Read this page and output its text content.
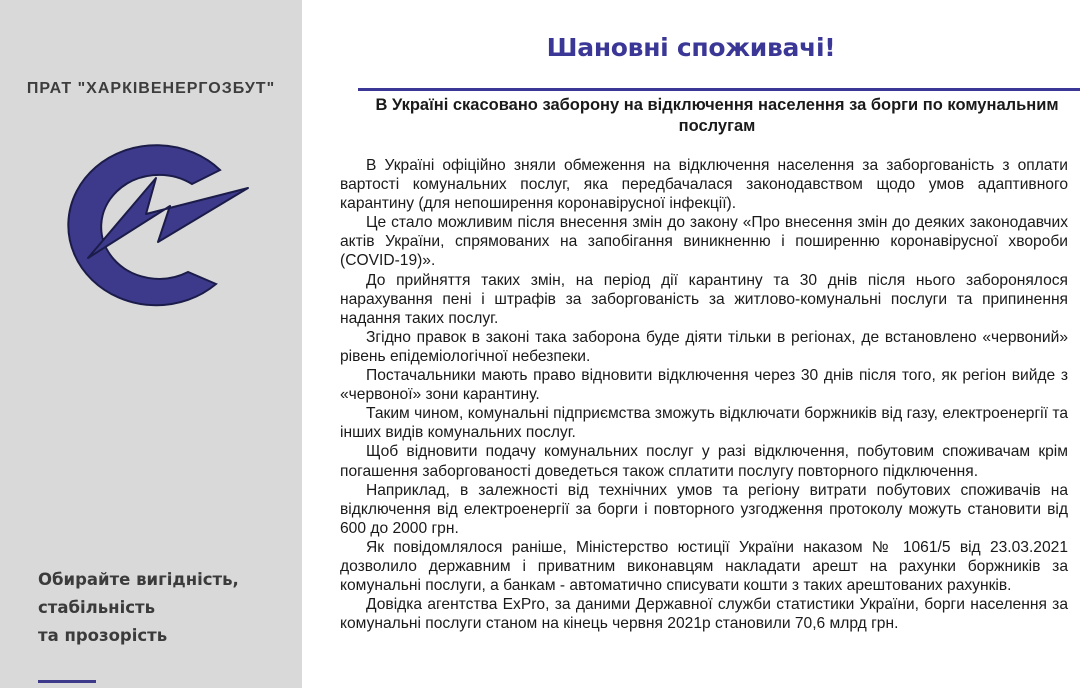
ПРАТ "ХАРКІВЕНЕРГОЗБУТ"
Обирайте вигідність,
стабільність
та прозорість
Шановні споживачі!
В Україні скасовано заборону на відключення населення за борги по комунальним послугам

В Україні офіційно зняли обмеження на відключення населення за заборгованість з оплати вартості комунальних послуг, яка передбачалася законодавством щодо умов адаптивного карантину (для непоширення коронавірусної інфекції).

Це стало можливим після внесення змін до закону «Про внесення змін до деяких законодавчих актів України, спрямованих на запобігання виникненню і поширенню коронавірусної хвороби (COVID-19)».

До прийняття таких змін, на період дії карантину та 30 днів після нього заборонялося нарахування пені і штрафів за заборгованість за житлово-комунальні послуги та припинення надання таких послуг.

Згідно правок в законі така заборона буде діяти тільки в регіонах, де встановлено «червоний» рівень епідеміологічної небезпеки.

Постачальники мають право відновити відключення через 30 днів після того, як регіон вийде з «червоної» зони карантину.

Таким чином, комунальні підприємства зможуть відключати боржників від газу, електроенергії та інших видів комунальних послуг.

Щоб відновити подачу комунальних послуг у разі відключення, побутовим споживачам крім погашення заборгованості доведеться також сплатити послугу повторного підключення.

Наприклад, в залежності від технічних умов та регіону витрати побутових споживачів на відключення від електроенергії за борги і повторного узгодження протоколу можуть становити від 600 до 2000 грн.

Як повідомлялося раніше, Міністерство юстиції України наказом № 1061/5 від 23.03.2021 дозволило державним і приватним виконавцям накладати арешт на рахунки боржників за комунальні послуги, а банкам - автоматично списувати кошти з таких арештованих рахунків.

Довідка агентства ExPro, за даними Державної служби статистики України, борги населення за комунальні послуги станом на кінець червня 2021р становили 70,6 млрд грн.
